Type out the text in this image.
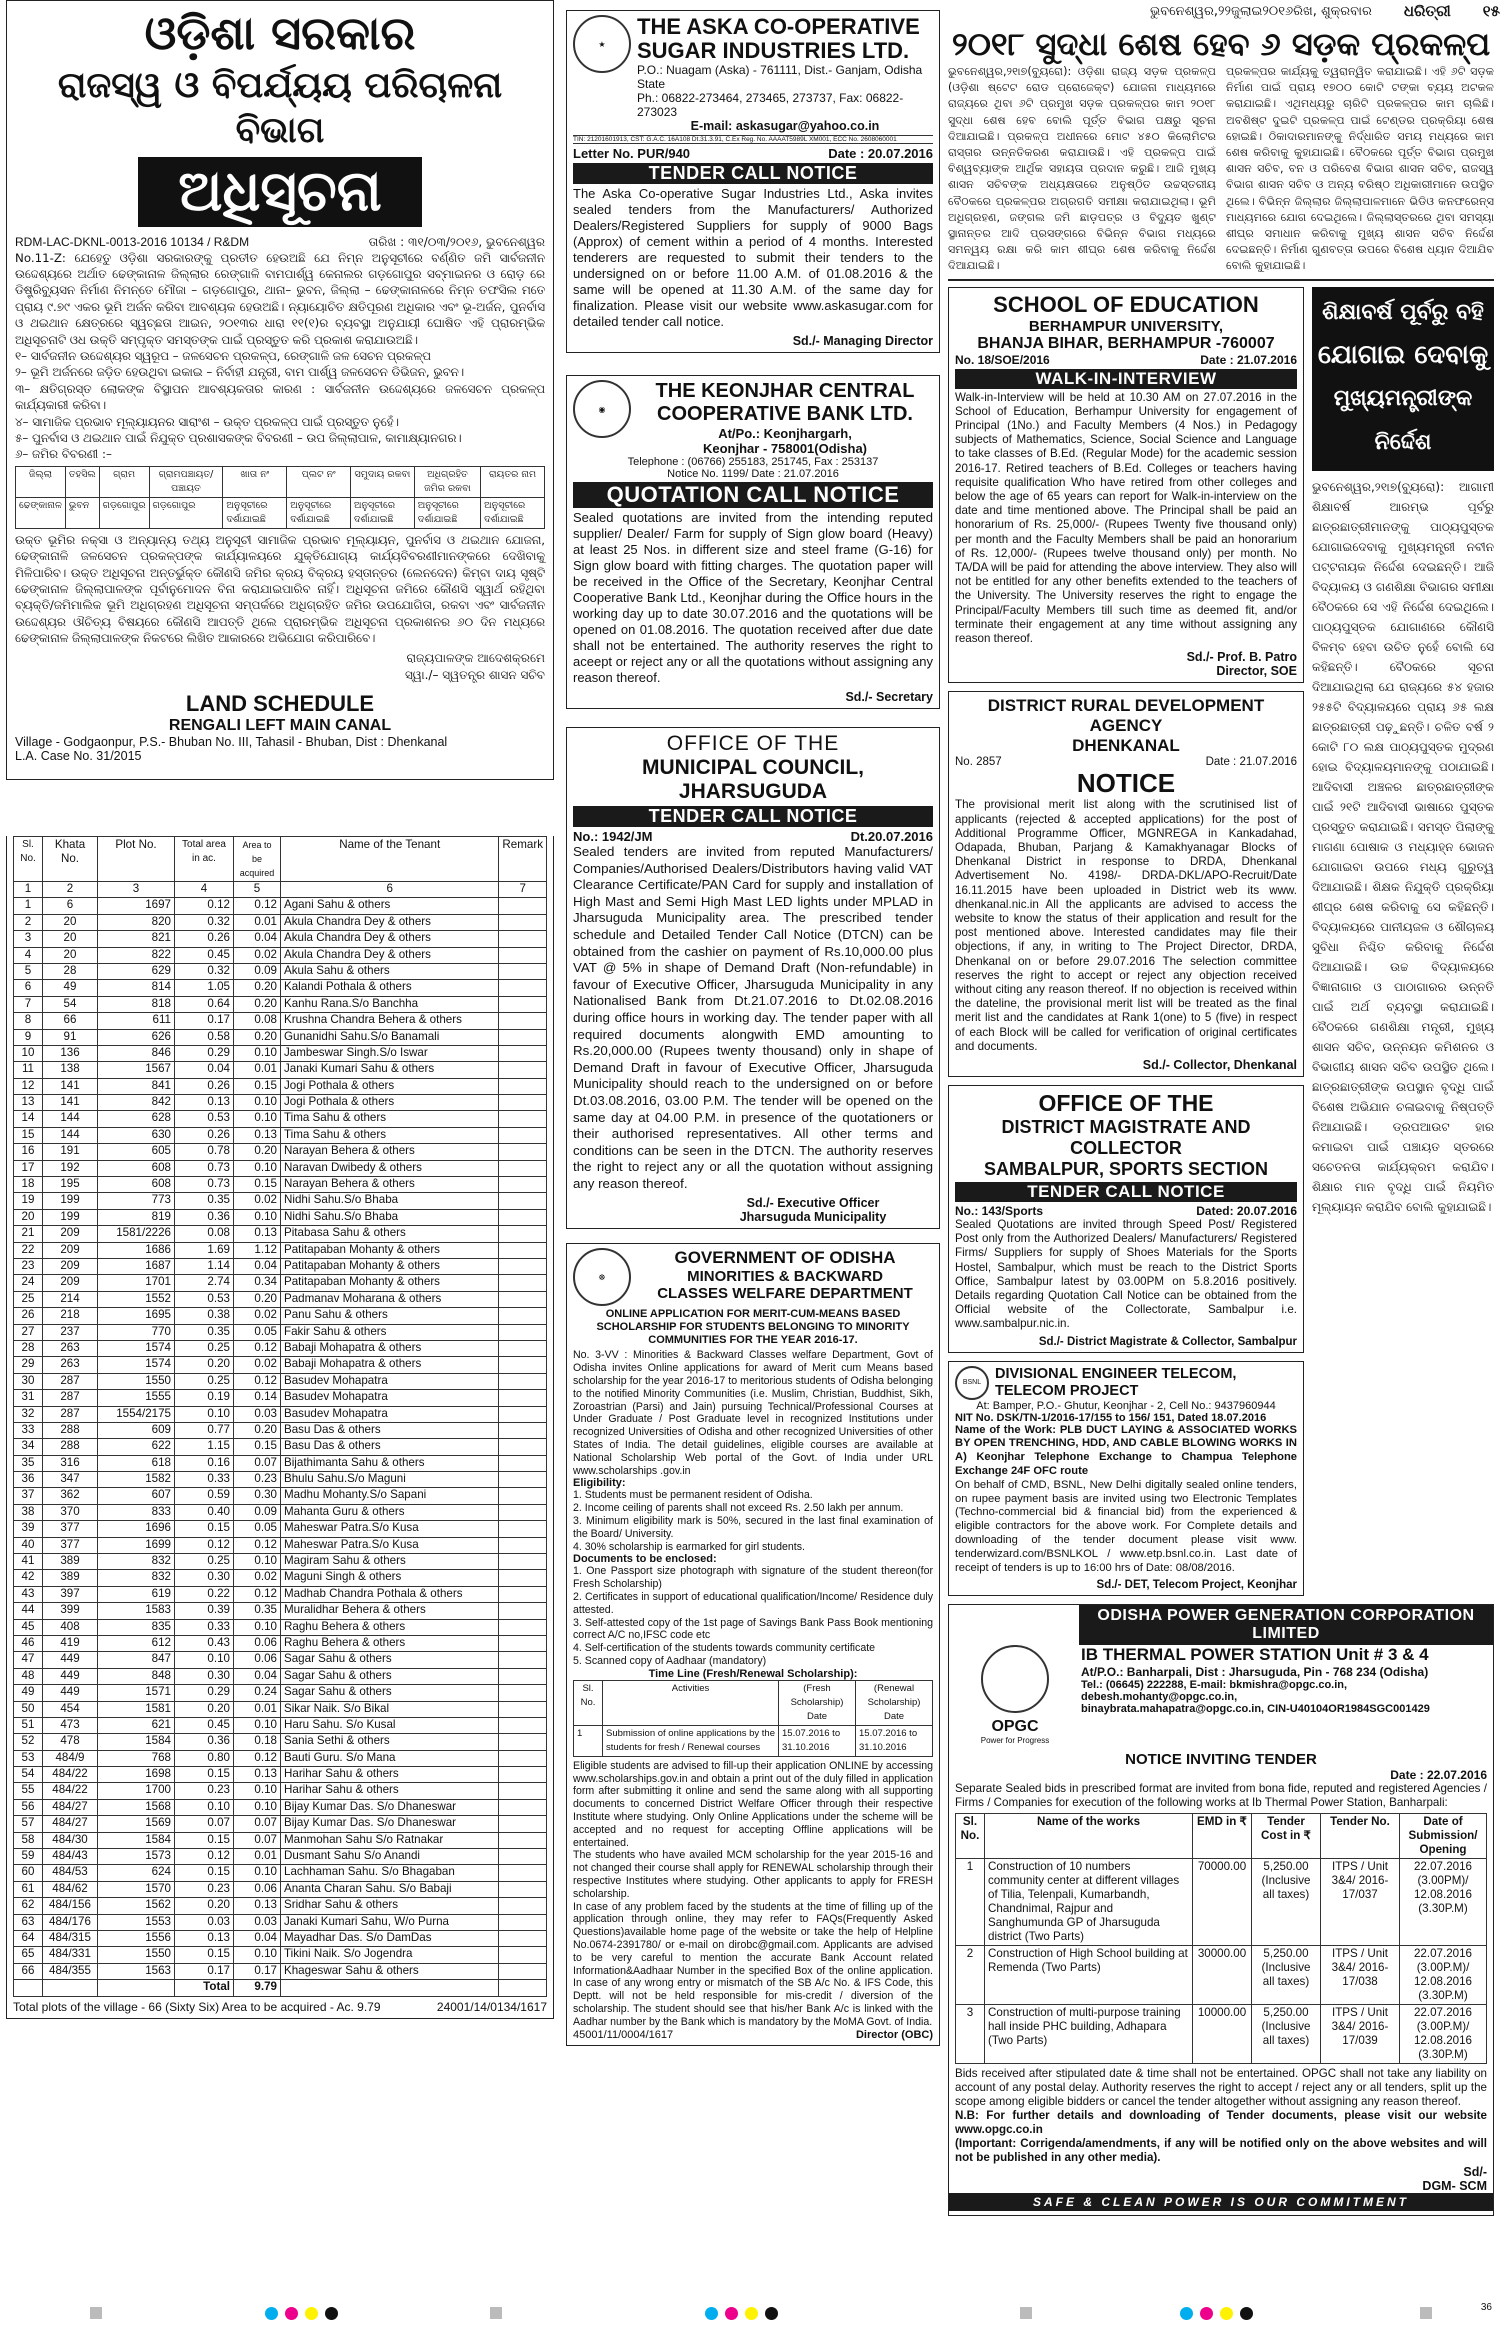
ଭୁବନେଶ୍ୱର,୨୨ଜୁଲାଇ୨୦୧୬ରିଖ, ଶୁକ୍ରବାର ଧରିତ୍ରୀ ୧୫
ଓଡ଼ିଶା ସରକାର
ରାଜସ୍ୱ ଓ ବିପର୍ଯ୍ୟୟ ପରିଚାଳନା ବିଭାଗ
ଅଧିସୂଚନା
RDM-LAC-DKNL-0013-2016 10134 / R&DM	ତାରିଖ : ୩୧/୦୩/୨୦୧୬, ଭୁବନେଶ୍ୱର

No.11-Z: ଯେହେତୁ ଓଡ଼ିଶା ସରକାରଙ୍କୁ ପ୍ରତୀତ ହେଉଅଛି ଯେ ନିମ୍ନ ଅନୁସୂଚୀରେ ବର୍ଣ୍ଣିତ ଜମି ସାର୍ବଜନୀନ ଉଦ୍ଦେଶ୍ୟରେ ଅର୍ଥାତ ଢେଙ୍କାନାଳ ଜିଲ୍ଲାର ରେଙ୍ଗାଳି ବାମପାର୍ଶ୍ୱ କେନାଲର ଗଡ଼ଗୋପୁର ସବ୍‌ମାଇନର ଓ ରୋଡ଼ ରେ ଡିଷ୍ଟ୍ରିବ୍ୟୁସନ ନିର୍ମାଣ ନିମନ୍ତେ ମୌଜା – ଗଡ଼ଗୋପୁର, ଥାନା– ଭୁବନ, ଜିଲ୍ଲା – ଢେଙ୍କାନାଳରେ ନିମ୍ନ ତଫସିଲ ମତେ ପ୍ରାୟ ୯.୭୯ ଏକର ଭୂମି ଅର୍ଜନ କରିବା ଆବଶ୍ୟକ ହେଉଅଛି। ନ୍ୟାୟୋଚିତ କ୍ଷତିପୂରଣ ଅଧିକାର ଏବଂ ଭୂ-ଅର୍ଜନ, ପୁନର୍ବାସ ଓ ଥଇଥାନ କ୍ଷେତ୍ରରେ ସ୍ୱଚ୍ଛତା ଆଇନ, ୨୦୧୩ର ଧାରା ୧୧(୧)ର ବ୍ୟବସ୍ଥା ଅନୁଯାୟୀ ଘୋଷିତ ଏହି ପ୍ରାରମ୍ଭିକ ଅଧିସୂଚନାଟି ଓଧ ଉକ୍ତି ସମ୍ପୃକ୍ତ ସମସ୍ତଙ୍କ ପାଇଁ ପ୍ରସ୍ତୁତ କରି ପ୍ରକାଶ କରାଯାଉଅଛି।

୧– ସାର୍ବଜନୀନ ଉଦ୍ଦେଶ୍ୟର ସ୍ୱରୂପ – ଜଳସେଚନ ପ୍ରକଳ୍ପ, ରେଙ୍ଗାଳି ଜଳ ସେଚନ ପ୍ରକଳ୍ପ

୨– ଭୂମି ଅର୍ଜନରେ ଜଡ଼ିତ ହେଉଥିବା ଇକାଇ – ନିର୍ବାହୀ ଯନ୍ତ୍ରୀ, ବାମ ପାର୍ଶ୍ୱ ଜଳସେଚନ ଡିଭିଜନ, ଭୁବନ।

୩– କ୍ଷତିଗ୍ରସ୍ତ ଲୋକଙ୍କ ବିସ୍ଥାପନ ଆବଶ୍ୟକତାର କାରଣ : ସାର୍ବଜନୀନ ଉଦ୍ଦେଶ୍ୟରେ ଜଳସେଚନ ପ୍ରକଳ୍ପ କାର୍ଯ୍ୟକାରୀ କରିବା।

୪– ସାମାଜିକ ପ୍ରଭାବ ମୂଲ୍ୟାୟନର ସାରାଂଶ – ଉକ୍ତ ପ୍ରକଳ୍ପ ପାଇଁ ପ୍ରସ୍ତୁତ ନୁହେଁ।

୫– ପୁନର୍ବାସ ଓ ଥଇଥାନ ପାଇଁ ନିଯୁକ୍ତ ପ୍ରଶାସକଙ୍କ ବିବରଣୀ – ଉପ ଜିଲ୍ଲାପାଳ, କାମାକ୍ଷ୍ୟାନଗର।

୬– ଜମିର ବିବରଣୀ :–

ଜିଲ୍ଲା	ତହସିଲ	ଗ୍ରାମ	ଗ୍ରାମପଞ୍ଚାୟତ/ ପଞ୍ଚାୟତ	ଖାତା ନଂ	ପ୍ଲଟ ନଂ	ସମୁଦାୟ ରକବା	ଅଧିଗ୍ରହିତ ଜମିର ରକବା	ରାୟତର ନାମ
ଢେଙ୍କାନାଳ	ଭୁବନ	ଗଡ଼ଗୋପୁର	ଗଡ଼ଗୋପୁର	ଅନୁସୂଚୀରେ ଦର୍ଶାଯାଇଛି	ଅନୁସୂଚୀରେ ଦର୍ଶାଯାଇଛି	ଅନୁସୂଚୀରେ ଦର୍ଶାଯାଇଛି	ଅନୁସୂଚୀରେ ଦର୍ଶାଯାଇଛି	ଅନୁସୂଚୀରେ ଦର୍ଶାଯାଇଛି

ଉକ୍ତ ଭୂମିର ନକ୍ସା ଓ ଅନ୍ୟାନ୍ୟ ତଥ୍ୟ ଅନୁସୂଚୀ ସାମାଜିକ ପ୍ରଭାବ ମୂଲ୍ୟାୟନ, ପୁନର୍ବାସ ଓ ଥଇଥାନ ଯୋଜନା, ଢେଙ୍କାନାଳି ଜଳସେଚନ ପ୍ରକଳ୍ପଙ୍କ କାର୍ଯ୍ୟାଳୟରେ ଯୁକ୍ତିଯୋଗ୍ୟ କାର୍ଯ୍ୟବିବରଣୀମାନଙ୍କରେ ଦେଖିବାକୁ ମିଳିପାରିବ। ଉକ୍ତ ଅଧିସୂଚନା ଅନ୍ତର୍ଭୁକ୍ତ କୌଣସି ଜମିର କ୍ରୟ ବିକ୍ରୟ ହସ୍ତାନ୍ତର (ଲେନଦେନ) କିମ୍ବା ଦାୟ ସୃଷ୍ଟି ଢେଙ୍କାନାଳ ଜିଲ୍ଲାପାଳଙ୍କ ପୂର୍ବାନୁମୋଦନ ବିନା କରାଯାଇପାରିବ ନାହିଁ। ଅଧିସୂଚନା ଜମିରେ କୌଣସି ସ୍ୱାର୍ଥ ରହିଥିବା ବ୍ୟକ୍ତି/ଜମିମାଲିକ ଭୂମି ଅଧିଗ୍ରହଣ ଅଧିସୂଚନା ସମ୍ପର୍କରେ ଅଧିଗ୍ରହିତ ଜମିର ଉପଯୋଗିତା, ରକବା ଏବଂ ସାର୍ବଜନୀନ ଉଦ୍ଦେଶ୍ୟର ଔଚିତ୍ୟ ବିଷୟରେ କୌଣସି ଆପତ୍ତି ଥିଲେ ପ୍ରାରମ୍ଭିକ ଅଧିସୂଚନା ପ୍ରକାଶନର ୬୦ ଦିନ ମଧ୍ୟରେ ଢେଙ୍କାନାଳ ଜିଲ୍ଲାପାଳଙ୍କ ନିକଟରେ ଲିଖିତ ଆକାରରେ ଅଭିଯୋଗ କରିପାରିବେ।

ରାଜ୍ୟପାଳଙ୍କ ଆଦେଶକ୍ରମେ

ସ୍ୱା./– ସ୍ୱତନ୍ତ୍ର ଶାସନ ସଚିବ

LAND SCHEDULE
RENGALI LEFT MAIN CANAL
Village - Godgaonpur, P.S.- Bhuban No. III, Tahasil - Bhuban, Dist : Dhenkanal
L.A. Case No. 31/2015
Sl. No.	Khata No.	Plot No.	Total area in ac.	Area to be acquired	Name of the Tenant	Remark
1	2	3	4	5	6	7
1	6	1697	0.12	0.12	Agani Sahu & others	
2	20	820	0.32	0.01	Akula Chandra Dey & others	
3	20	821	0.26	0.04	Akula Chandra Dey & others	
4	20	822	0.45	0.02	Akula Chandra Dey & others	
5	28	629	0.32	0.09	Akula Sahu & others	
6	49	814	1.05	0.20	Kalandi Pothala & others	
7	54	818	0.64	0.20	Kanhu Rana.S/o Banchha	
8	66	611	0.17	0.08	Krushna Chandra Behera & others	
9	91	626	0.58	0.20	Gunanidhi Sahu.S/o Banamali	
10	136	846	0.29	0.10	Jambeswar Singh.S/o Iswar	
11	138	1567	0.04	0.01	Janaki Kumari Sahu & others	
12	141	841	0.26	0.15	Jogi Pothala & others	
13	141	842	0.13	0.10	Jogi Pothala & others	
14	144	628	0.53	0.10	Tima Sahu & others	
15	144	630	0.26	0.13	Tima Sahu & others	
16	191	605	0.78	0.20	Narayan Behera & others	
17	192	608	0.73	0.10	Naravan Dwibedy & others	
18	195	608	0.73	0.15	Narayan Behera & others	
19	199	773	0.35	0.02	Nidhi Sahu.S/o Bhaba	
20	199	819	0.36	0.10	Nidhi Sahu.S/o Bhaba	
21	209	1581/2226	0.08	0.13	Pitabasa Sahu & others	
22	209	1686	1.69	1.12	Patitapaban Mohanty & others	
23	209	1687	1.14	0.04	Patitapaban Mohanty & others	
24	209	1701	2.74	0.34	Patitapaban Mohanty & others	
25	214	1552	0.53	0.20	Padmanav Moharana & others	
26	218	1695	0.38	0.02	Panu Sahu & others	
27	237	770	0.35	0.05	Fakir Sahu & others	
28	263	1574	0.25	0.12	Babaji Mohapatra & others	
29	263	1574	0.20	0.02	Babaji Mohapatra & others	
30	287	1550	0.25	0.12	Basudev Mohapatra	
31	287	1555	0.19	0.14	Basudev Mohapatra	
32	287	1554/2175	0.10	0.03	Basudev Mohapatra	
33	288	609	0.77	0.20	Basu Das & others	
34	288	622	1.15	0.15	Basu Das & others	
35	316	618	0.16	0.07	Bijathimanta Sahu & others	
36	347	1582	0.33	0.23	Bhulu Sahu.S/o Maguni	
37	362	607	0.59	0.30	Madhu Mohanty.S/o Sapani	
38	370	833	0.40	0.09	Mahanta Guru & others	
39	377	1696	0.15	0.05	Maheswar Patra.S/o Kusa	
40	377	1699	0.12	0.12	Maheswar Patra.S/o Kusa	
41	389	832	0.25	0.10	Magiram Sahu & others	
42	389	832	0.30	0.02	Maguni Singh & others	
43	397	619	0.22	0.12	Madhab Chandra Pothala & others	
44	399	1583	0.39	0.35	Muralidhar Behera & others	
45	408	835	0.33	0.10	Raghu Behera & others	
46	419	612	0.43	0.06	Raghu Behera & others	
47	449	847	0.10	0.06	Sagar Sahu & others	
48	449	848	0.30	0.04	Sagar Sahu & others	
49	449	1571	0.29	0.24	Sagar Sahu & others	
50	454	1581	0.20	0.01	Sikar Naik. S/o Bikal	
51	473	621	0.45	0.10	Haru Sahu. S/o Kusal	
52	478	1584	0.36	0.18	Sania Sethi & others	
53	484/9	768	0.80	0.12	Bauti Guru. S/o Mana	
54	484/22	1698	0.15	0.13	Harihar Sahu & others	
55	484/22	1700	0.23	0.10	Harihar Sahu & others	
56	484/27	1568	0.10	0.10	Bijay Kumar Das. S/o Dhaneswar	
57	484/27	1569	0.07	0.07	Bijay Kumar Das. S/o Dhaneswar	
58	484/30	1584	0.15	0.07	Manmohan Sahu S/o Ratnakar	
59	484/43	1573	0.12	0.01	Dusmant Sahu S/o Anandi	
60	484/53	624	0.15	0.10	Lachhaman Sahu. S/o Bhagaban	
61	484/62	1570	0.23	0.06	Ananta Charan Sahu. S/o Babaji	
62	484/156	1562	0.20	0.13	Sridhar Sahu & others	
63	484/176	1553	0.03	0.03	Janaki Kumari Sahu, W/o Purna	
64	484/315	1556	0.13	0.04	Mayadhar Das. S/o DamDas	
65	484/331	1550	0.15	0.10	Tikini Naik. S/o Jogendra	
66	484/355	1563	0.17	0.17	Khageswar Sahu & others	
			Total	9.79		
Total plots of the village - 66 (Sixty Six) Area to be acquired - Ac. 9.79	24001/14/0134/1617
★
THE ASKA CO-OPERATIVE
SUGAR INDUSTRIES LTD.
P.O.: Nuagam (Aska) - 761111, Dist.- Ganjam, Odisha State
Ph.: 06822-273464, 273465, 273737, Fax: 06822-273023
E-mail: askasugar@yahoo.co.in
TIN: 21201601913, CST: G.A.C. 16A108 Dt.31.3.91, C.Ex Reg. No. AAAAT5989L XM001, ECC No. 2608060001
Letter No. PUR/940	Date : 20.07.2016
TENDER CALL NOTICE

The Aska Co-operative Sugar Industries Ltd., Aska invites sealed tenders from the Manufacturers/ Authorized Dealers/Registered Suppliers for supply of 9000 Bags (Approx) of cement within a period of 4 months. Interested tenderers are requested to submit their tenders to the undersigned on or before 11.00 A.M. of 01.08.2016 & the same will be opened at 11.30 A.M. of the same day for finalization. Please visit our website www.askasugar.com for detailed tender call notice.

Sd./- Managing Director

◉
THE KEONJHAR CENTRAL
COOPERATIVE BANK LTD.
At/Po.: Keonjhargarh,
Keonjhar - 758001(Odisha)
Telephone : (06766) 255183, 251745, Fax : 253137
Notice No. 1199/ Date : 21.07.2016
QUOTATION CALL NOTICE

Sealed quotations are invited from the intending reputed supplier/ Dealer/ Farm for supply of Sign glow board (Heavy) at least 25 Nos. in different size and steel frame (G-16) for Sign glow board with fitting charges. The quotation paper will be received in the Office of the Secretary, Keonjhar Central Cooperative Bank Ltd., Keonjhar during the Office hours in the working day up to date 30.07.2016 and the quotations will be opened on 01.08.2016. The quotation received after due date shall not be entertained. The authority reserves the right to aceept or reject any or all the quotations without assigning any reason thereof.

Sd./- Secretary

OFFICE OF THE
MUNICIPAL COUNCIL, JHARSUGUDA
TENDER CALL NOTICE
No.: 1942/JM	Dt.20.07.2016

Sealed tenders are invited from reputed Manufacturers/ Companies/Authorised Dealers/Distributors having valid VAT Clearance Certificate/PAN Card for supply and installation of High Mast and Semi High Mast LED lights under MPLAD in Jharsuguda Municipality area. The prescribed tender schedule and Detailed Tender Call Notice (DTCN) can be obtained from the cashier on payment of Rs.10,000.00 plus VAT @ 5% in shape of Demand Draft (Non-refundable) in favour of Executive Officer, Jharsuguda Municipality in any Nationalised Bank from Dt.21.07.2016 to Dt.02.08.2016 during office hours in working day. The tender paper with all required documents alongwith EMD amounting to Rs.20,000.00 (Rupees twenty thousand) only in shape of Demand Draft in favour of Executive Officer, Jharsuguda Municipality should reach to the undersigned on or before Dt.03.08.2016, 03.00 P.M. The tender will be opened on the same day at 04.00 P.M. in presence of the quotationers or their authorised representatives. All other terms and conditions can be seen in the DTCN. The authority reserves the right to reject any or all the quotation without assigning any reason thereof.

Sd./- Executive Officer

Jharsuguda Municipality

☸
GOVERNMENT OF ODISHA
MINORITIES & BACKWARD
CLASSES WELFARE DEPARTMENT

ONLINE APPLICATION FOR MERIT-CUM-MEANS BASED SCHOLARSHIP FOR STUDENTS BELONGING TO MINORITY COMMUNITIES FOR THE YEAR 2016-17.

No. 3-VV : Minorities & Backward Classes welfare Department, Govt of Odisha invites Online applications for award of Merit cum Means based scholarship for the year 2016-17 to meritorious students of Odisha belonging to the notified Minority Communities (i.e. Muslim, Christian, Buddhist, Sikh, Zoroastrian (Parsi) and Jain) pursuing Technical/Professional Courses at Under Graduate / Post Graduate level in recognized Institutions under recognized Universities of Odisha and other recognized Universities of other States of India. The detail guidelines, eligible courses are available at National Scholarship Web portal of the Govt. of India under URL www.scholarships .gov.in

Eligibility:

1. Students must be permanent resident of Odisha.

2. Income ceiling of parents shall not exceed Rs. 2.50 lakh per annum.

3. Minimum eligibility mark is 50%, secured in the last final examination of the Board/ University.

4. 30% scholarship is earmarked for girl students.

Documents to be enclosed:

1. One Passport size photograph with signature of the student thereon(for Fresh Scholarship)

2. Certificates in support of educational qualification/Income/ Residence duly attested.

3. Self-attested copy of the 1st page of Savings Bank Pass Book mentioning correct A/C no,IFSC code etc

4. Self-certification of the students towards community certificate

5. Scanned copy of Aadhaar (mandatory)

Time Line (Fresh/Renewal Scholarship):
Sl. No.	Activities	(Fresh Scholarship) Date	(Renewal Scholarship) Date
1	Submission of online applications by the students for fresh / Renewal courses	15.07.2016 to 31.10.2016	15.07.2016 to 31.10.2016

Eligible students are advised to fill-up their application ONLINE by accessing www.scholarships.gov.in and obtain a print out of the duly filled in application form after submitting it online and send the same along with all supporting documents to concerned District Welfare Officer through their respective Institute where studying. Only Online Applications under the scheme will be accepted and no request for accepting Offline applications will be entertained.

The students who have availed MCM scholarship for the year 2015-16 and not changed their course shall apply for RENEWAL scholarship through their respective Institutes where studying. Other applicants to apply for FRESH scholarship.

In case of any problem faced by the students at the time of filling up of the application through online, they may refer to FAQs(Frequently Asked Questions)available home page of the website or take the help of Helpline No.0674-2391780/ or e-mail on dirobc@gmail.com. Applicants are advised to be very careful to mention the accurate Bank Account related Information&Aadhaar Number in the specified Box of the online application. In case of any wrong entry or mismatch of the SB A/c No. & IFS Code, this Deptt. will not be held responsible for mis-credit / diversion of the scholarship. The student should see that his/her Bank A/c is linked with the Aadhar number by the Bank which is mandatory by the MoMA Govt. of India.

45001/11/0004/1617	Director (OBC)
୨୦୧୮ ସୁଦ୍ଧା ଶେଷ ହେବ ୬ ସଡ଼କ ପ୍ରକଳ୍ପ

ଭୁବନେଶ୍ୱର,୨୧ା୭(ବ୍ୟୁରୋ): ଓଡ଼ିଶା ରାଜ୍ୟ ସଡ଼କ ପ୍ରକଳ୍ପ (ଓଡ଼ିଶା ଷ୍ଟେଟ ରୋଡ ପ୍ରୋଜେକ୍ଟ) ଯୋଜନା ମାଧ୍ୟମରେ ରାଜ୍ୟରେ ଥିବା ୬ଟି ପ୍ରମୁଖ ସଡ଼କ ପ୍ରକଳ୍ପର କାମ ୨୦୧୮ ସୁଦ୍ଧା ଶେଷ ହେବ ବୋଲି ପୂର୍ତ୍ତ ବିଭାଗ ପକ୍ଷରୁ ସୂଚନା ଦିଆଯାଇଛି। ପ୍ରକଳ୍ପ ଅଧୀନରେ ମୋଟ ୪୫୦ କିଲୋମିଟର ରାସ୍ତାର ଉନ୍ନତିକରଣ କରାଯାଉଛି। ଏହି ପ୍ରକଳ୍ପ ପାଇଁ ବିଶ୍ୱବ୍ୟାଙ୍କ ଆର୍ଥିକ ସହାୟତା ପ୍ରଦାନ କରୁଛି। ଆଜି ମୁଖ୍ୟ ଶାସନ ସଚିବଙ୍କ ଅଧ୍ୟକ୍ଷତାରେ ଅନୁଷ୍ଠିତ ଉଚ୍ଚସ୍ତରୀୟ ବୈଠକରେ ପ୍ରକଳ୍ପର ଅଗ୍ରଗତି ସମୀକ୍ଷା କରାଯାଇଥିଲା। ଭୂମି ଅଧିଗ୍ରହଣ, ଜଙ୍ଗଲ ଜମି ଛାଡ଼ପତ୍ର ଓ ବିଦ୍ୟୁତ ଖୁଣ୍ଟ ସ୍ଥାନାନ୍ତର ଆଦି ପ୍ରସଙ୍ଗରେ ବିଭିନ୍ନ ବିଭାଗ ମଧ୍ୟରେ ସମନ୍ୱୟ ରକ୍ଷା କରି କାମ ଶୀଘ୍ର ଶେଷ କରିବାକୁ ନିର୍ଦ୍ଦେଶ ଦିଆଯାଇଛି।

ପ୍ରକଳ୍ପର କାର୍ଯ୍ୟକୁ ତ୍ୱରାନ୍ୱିତ କରାଯାଇଛି। ଏହି ୬ଟି ସଡ଼କ ନିର୍ମାଣ ପାଇଁ ପ୍ରାୟ ୧୭୦୦ କୋଟି ଟଙ୍କା ବ୍ୟୟ ଅଟକଳ କରାଯାଇଛି। ଏଥିମଧ୍ୟରୁ ଚାରିଟି ପ୍ରକଳ୍ପର କାମ ଚାଲିଛି। ଅବଶିଷ୍ଟ ଦୁଇଟି ପ୍ରକଳ୍ପ ପାଇଁ ଟେଣ୍ଡର ପ୍ରକ୍ରିୟା ଶେଷ ହୋଇଛି। ଠିକାଦାରମାନଙ୍କୁ ନିର୍ଦ୍ଧାରିତ ସମୟ ମଧ୍ୟରେ କାମ ଶେଷ କରିବାକୁ କୁହାଯାଇଛି। ବୈଠକରେ ପୂର୍ତ୍ତ ବିଭାଗ ପ୍ରମୁଖ ଶାସନ ସଚିବ, ବନ ଓ ପରିବେଶ ବିଭାଗ ଶାସନ ସଚିବ, ରାଜସ୍ୱ ବିଭାଗ ଶାସନ ସଚିବ ଓ ଅନ୍ୟ ବରିଷ୍ଠ ଅଧିକାରୀମାନେ ଉପସ୍ଥିତ ଥିଲେ। ବିଭିନ୍ନ ଜିଲ୍ଲାର ଜିଲ୍ଲାପାଳମାନେ ଭିଡିଓ କନଫରେନ୍ସ ମାଧ୍ୟମରେ ଯୋଗ ଦେଇଥିଲେ। ଜିଲ୍ଲାସ୍ତରରେ ଥିବା ସମସ୍ୟା ଶୀଘ୍ର ସମାଧାନ କରିବାକୁ ମୁଖ୍ୟ ଶାସନ ସଚିବ ନିର୍ଦ୍ଦେଶ ଦେଇଛନ୍ତି। ନିର୍ମାଣ ଗୁଣବତ୍ତା ଉପରେ ବିଶେଷ ଧ୍ୟାନ ଦିଆଯିବ ବୋଲି କୁହାଯାଇଛି।

SCHOOL OF EDUCATION
BERHAMPUR UNIVERSITY,
BHANJA BIHAR, BERHAMPUR -760007
No. 18/SOE/2016	Date : 21.07.2016
WALK-IN-INTERVIEW

Walk-in-Interview will be held at 10.30 AM on 27.07.2016 in the School of Education, Berhampur University for engagement of Principal (1No.) and Faculty Members (4 Nos.) in Pedagogy subjects of Mathematics, Science, Social Science and Language to take classes of B.Ed. (Regular Mode) for the academic session 2016-17. Retired teachers of B.Ed. Colleges or teachers having requisite qualification Who have retired from other colleges and below the age of 65 years can report for Walk-in-interview on the date and time mentioned above. The Principal shall be paid an honorarium of Rs. 25,000/- (Rupees Twenty five thousand only) per month and the Faculty Members shall be paid an honorarium of Rs. 12,000/- (Rupees twelve thousand only) per month. No TA/DA will be paid for attending the above interview. They also will not be entitled for any other benefits extended to the teachers of the University. The University reserves the right to engage the Principal/Faculty Members till such time as deemed fit, and/or terminate their engagement at any time without assigning any reason thereof.

Sd./- Prof. B. Patro

Director, SOE

DISTRICT RURAL DEVELOPMENT AGENCY
DHENKANAL
No. 2857	Date : 21.07.2016
NOTICE

The provisional merit list along with the scrutinised list of applicants (rejected & accepted applications) for the post of Additional Programme Officer, MGNREGA in Kankadahad, Odapada, Bhuban, Parjang & Kamakhyanagar Blocks of Dhenkanal District in response to DRDA, Dhenkanal Advertisement No. 4198/- DRDA-DKL/APO-Recruit/Date 16.11.2015 have been uploaded in District web its www. dhenkanal.nic.in All the applicants are advised to access the website to know the status of their application and result for the post mentioned above. Interested candidates may file their objections, if any, in writing to The Project Director, DRDA, Dhenkanal on or before 29.07.2016 The selection committee reserves the right to accept or reject any objection received without citing any reason thereof. If no objection is received within the dateline, the provisional merit list will be treated as the final merit list and the candidates at Rank 1(one) to 5 (five) in respect of each Block will be called for verification of original certificates and documents.

Sd./- Collector, Dhenkanal

OFFICE OF THE
DISTRICT MAGISTRATE AND COLLECTOR
SAMBALPUR, SPORTS SECTION
TENDER CALL NOTICE
No.: 143/Sports	Dated: 20.07.2016

Sealed Quotations are invited through Speed Post/ Registered Post only from the Authorized Dealers/ Manufacturers/ Registered Firms/ Suppliers for supply of Shoes Materials for the Sports Hostel, Sambalpur, which must be reach to the District Sports Office, Sambalpur latest by 03.00PM on 5.8.2016 positively. Details regarding Quotation Call Notice can be obtained from the Official website of the Collectorate, Sambalpur i.e. www.sambalpur.nic.in.

Sd./- District Magistrate & Collector, Sambalpur

BSNL
DIVISIONAL ENGINEER TELECOM, TELECOM PROJECT
At: Bamper, P.O.- Ghutur, Keonjhar - 2, Cell No.: 9437960944
NIT No. DSK/TN-1/2016-17/155 to 156/ 151, Dated 18.07.2016

Name of the Work: PLB DUCT LAYING & ASSOCIATED WORKS BY OPEN TRENCHING, HDD, AND CABLE BLOWING WORKS IN A) Keonjhar Telephone Exchange to Champua Telephone Exchange 24F OFC route

On behalf of CMD, BSNL, New Delhi digitally sealed online tenders, on rupee payment basis are invited using two Electronic Templates (Techno-commercial bid & financial bid) from the experienced & eligible contractors for the above work. For Complete details and downloading of the tender document please visit www. tenderwizard.com/BSNLKOL / www.etp.bsnl.co.in. Last date of receipt of tenders is up to 16:00 hrs of Date: 08/08/2016.

Sd./- DET, Telecom Project, Keonjhar

ଶିକ୍ଷାବର୍ଷ ପୂର୍ବରୁ ବହି
ଯୋଗାଇ ଦେବାକୁ
ମୁଖ୍ୟମନ୍ତ୍ରୀଙ୍କ ନିର୍ଦ୍ଦେଶ

ଭୁବନେଶ୍ୱର,୨୧ା୭(ବ୍ୟୁରୋ): ଆଗାମୀ ଶିକ୍ଷାବର୍ଷ ଆରମ୍ଭ ପୂର୍ବରୁ ଛାତ୍ରଛାତ୍ରୀମାନଙ୍କୁ ପାଠ୍ୟପୁସ୍ତକ ଯୋଗାଇଦେବାକୁ ମୁଖ୍ୟମନ୍ତ୍ରୀ ନବୀନ ପଟ୍ଟନାୟକ ନିର୍ଦ୍ଦେଶ ଦେଇଛନ୍ତି। ଆଜି ବିଦ୍ୟାଳୟ ଓ ଗଣଶିକ୍ଷା ବିଭାଗର ସମୀକ୍ଷା ବୈଠକରେ ସେ ଏହି ନିର୍ଦ୍ଦେଶ ଦେଇଥିଲେ। ପାଠ୍ୟପୁସ୍ତକ ଯୋଗାଣରେ କୌଣସି ବିଳମ୍ବ ହେବା ଉଚିତ ନୁହେଁ ବୋଲି ସେ କହିଛନ୍ତି। ବୈଠକରେ ସୂଚନା ଦିଆଯାଇଥିଲା ଯେ ରାଜ୍ୟରେ ୫୪ ହଜାର ୨୫୫ଟି ବିଦ୍ୟାଳୟରେ ପ୍ରାୟ ୬୫ ଲକ୍ଷ ଛାତ୍ରଛାତ୍ରୀ ପଢ଼ୁଛନ୍ତି। ଚଳିତ ବର୍ଷ ୨ କୋଟି ୮୦ ଲକ୍ଷ ପାଠ୍ୟପୁସ୍ତକ ମୁଦ୍ରଣ ହୋଇ ବିଦ୍ୟାଳୟମାନଙ୍କୁ ପଠାଯାଇଛି। ଆଦିବାସୀ ଅଞ୍ଚଳର ଛାତ୍ରଛାତ୍ରୀଙ୍କ ପାଇଁ ୨୧ଟି ଆଦିବାସୀ ଭାଷାରେ ପୁସ୍ତକ ପ୍ରସ୍ତୁତ କରାଯାଇଛି। ସମସ୍ତ ପିଲାଙ୍କୁ ମାଗଣା ପୋଷାକ ଓ ମଧ୍ୟାହ୍ନ ଭୋଜନ ଯୋଗାଇବା ଉପରେ ମଧ୍ୟ ଗୁରୁତ୍ୱ ଦିଆଯାଇଛି। ଶିକ୍ଷକ ନିଯୁକ୍ତି ପ୍ରକ୍ରିୟା ଶୀଘ୍ର ଶେଷ କରିବାକୁ ସେ କହିଛନ୍ତି। ବିଦ୍ୟାଳୟରେ ପାନୀୟଜଳ ଓ ଶୌଚାଳୟ ସୁବିଧା ନିଶ୍ଚିତ କରିବାକୁ ନିର୍ଦ୍ଦେଶ ଦିଆଯାଇଛି। ଉଚ୍ଚ ବିଦ୍ୟାଳୟରେ ବିଜ୍ଞାନାଗାର ଓ ପାଠାଗାରର ଉନ୍ନତି ପାଇଁ ଅର୍ଥ ବ୍ୟବସ୍ଥା କରାଯାଇଛି। ବୈଠକରେ ଗଣଶିକ୍ଷା ମନ୍ତ୍ରୀ, ମୁଖ୍ୟ ଶାସନ ସଚିବ, ଉନ୍ନୟନ କମିଶନର ଓ ବିଭାଗୀୟ ଶାସନ ସଚିବ ଉପସ୍ଥିତ ଥିଲେ। ଛାତ୍ରଛାତ୍ରୀଙ୍କ ଉପସ୍ଥାନ ବୃଦ୍ଧି ପାଇଁ ବିଶେଷ ଅଭିଯାନ ଚଳାଇବାକୁ ନିଷ୍ପତ୍ତି ନିଆଯାଇଛି। ଡ୍ରପଆଉଟ ହାର କମାଇବା ପାଇଁ ପଞ୍ଚାୟତ ସ୍ତରରେ ସଚେତନତା କାର୍ଯ୍ୟକ୍ରମ କରାଯିବ। ଶିକ୍ଷାର ମାନ ବୃଦ୍ଧି ପାଇଁ ନିୟମିତ ମୂଲ୍ୟାୟନ କରାଯିବ ବୋଲି କୁହାଯାଇଛି।

ODISHA POWER GENERATION CORPORATION LIMITED
OPGC
Power for Progress
IB THERMAL POWER STATION Unit # 3 & 4
At/P.O.: Banharpali, Dist : Jharsuguda, Pin - 768 234 (Odisha)
Tel.: (06645) 222288, E-mail: bkmishra@opgc.co.in, debesh.mohanty@opgc.co.in,
binaybrata.mahapatra@opgc.co.in, CIN-U40104OR1984SGC001429
NOTICE INVITING TENDER
Date : 22.07.2016

Separate Sealed bids in prescribed format are invited from bona fide, reputed and registered Agencies / Firms / Companies for execution of the following works at Ib Thermal Power Station, Banharpali:

Sl. No.	Name of the works	EMD in ₹	Tender Cost in ₹	Tender No.	Date of Submission/ Opening
1	Construction of 10 numbers community center at different villages of Tilia, Telenpali, Kumarbandh, Chandnimal, Rajpur and Sanghumunda GP of Jharsuguda district (Two Parts)	70000.00	5,250.00 (Inclusive all taxes)	ITPS / Unit 3&4/ 2016-17/037	22.07.2016 (3.00PM)/ 12.08.2016 (3.30P.M)
2	Construction of High School building at Remenda (Two Parts)	30000.00	5,250.00 (Inclusive all taxes)	ITPS / Unit 3&4/ 2016-17/038	22.07.2016 (3.00P.M)/ 12.08.2016 (3.30P.M)
3	Construction of multi-purpose training hall inside PHC building, Adhapara (Two Parts)	10000.00	5,250.00 (Inclusive all taxes)	ITPS / Unit 3&4/ 2016-17/039	22.07.2016 (3.00P.M)/ 12.08.2016 (3.30P.M)

Bids received after stipulated date & time shall not be entertained. OPGC shall not take any liability on account of any postal delay. Authority reserves the right to accept / reject any or all tenders, split up the scope among eligible bidders or cancel the tender altogether without assigning any reason thereof.

N.B: For further details and downloading of Tender documents, please visit our website www.opgc.co.in

(Important: Corrigenda/amendments, if any will be notified only on the above websites and will not be published in any other media).

Sd/-

DGM- SCM

SAFE & CLEAN POWER IS OUR COMMITMENT
36
